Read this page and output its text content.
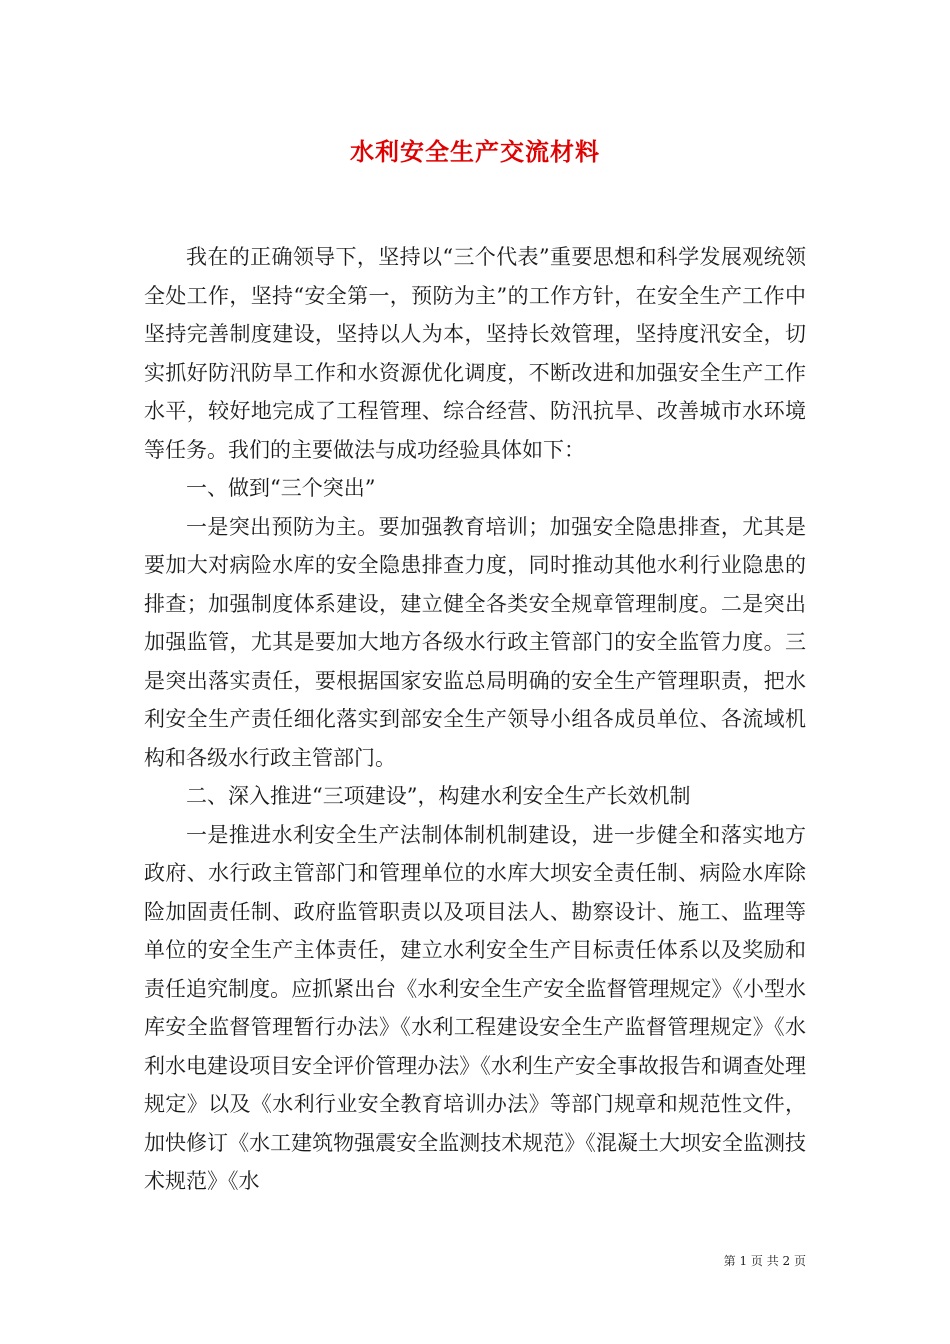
水利安全生产交流材料

我在的正确领导下，坚持以“三个代表”重要思想和科学发展观统领全处工作，坚持“安全第一，预防为主”的工作方针，在安全生产工作中坚持完善制度建设，坚持以人为本，坚持长效管理，坚持度汛安全，切实抓好防汛防旱工作和水资源优化调度，不断改进和加强安全生产工作水平，较好地完成了工程管理、综合经营、防汛抗旱、改善城市水环境等任务。我们的主要做法与成功经验具体如下：

一、做到“三个突出”

一是突出预防为主。要加强教育培训；加强安全隐患排查，尤其是要加大对病险水库的安全隐患排查力度，同时推动其他水利行业隐患的排查；加强制度体系建设，建立健全各类安全规章管理制度。二是突出加强监管，尤其是要加大地方各级水行政主管部门的安全监管力度。三是突出落实责任，要根据国家安监总局明确的安全生产管理职责，把水利安全生产责任细化落实到部安全生产领导小组各成员单位、各流域机构和各级水行政主管部门。

二、深入推进“三项建设”，构建水利安全生产长效机制

一是推进水利安全生产法制体制机制建设，进一步健全和落实地方政府、水行政主管部门和管理单位的水库大坝安全责任制、病险水库除险加固责任制、政府监管职责以及项目法人、勘察设计、施工、监理等单位的安全生产主体责任，建立水利安全生产目标责任体系以及奖励和责任追究制度。应抓紧出台《水利安全生产安全监督管理规定》《小型水库安全监督管理暂行办法》《水利工程建设安全生产监督管理规定》《水利水电建设项目安全评价管理办法》《水利生产安全事故报告和调查处理规定》以及《水利行业安全教育培训办法》等部门规章和规范性文件，加快修订《水工建筑物强震安全监测技术规范》《混凝土大坝安全监测技术规范》《水

第 1 页 共 2 页
